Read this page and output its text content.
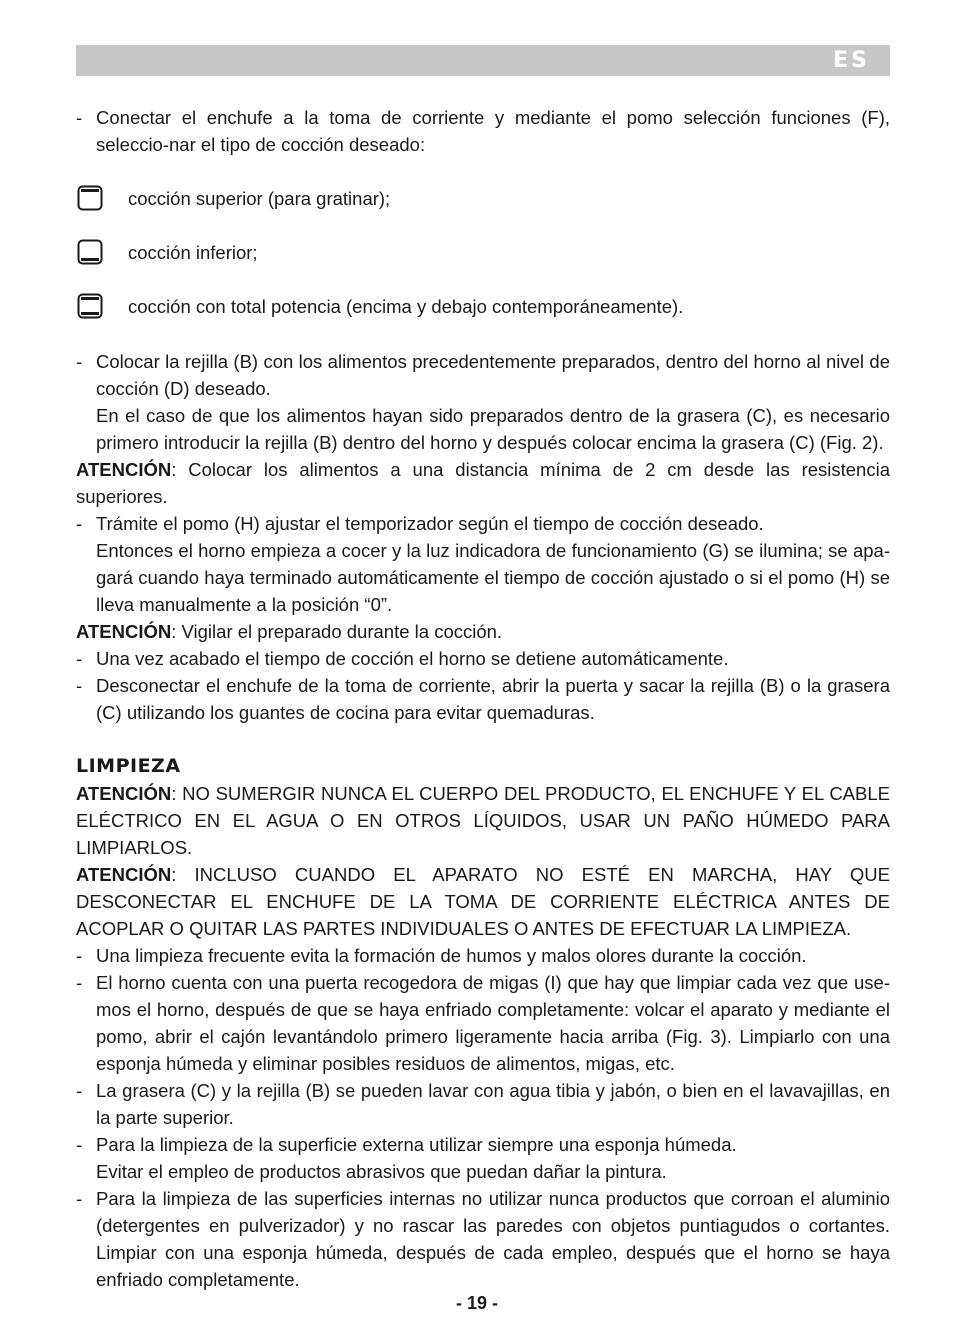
ES
- Conectar el enchufe a la toma de corriente y mediante el pomo selección funciones (F), seleccio-nar el tipo de cocción deseado:
cocción superior (para gratinar);
cocción inferior;
cocción con total potencia (encima y debajo contemporáneamente).
- Colocar la rejilla (B) con los alimentos precedentemente preparados, dentro del horno al nivel de cocción (D) deseado.

En el caso de que los alimentos hayan sido preparados dentro de la grasera (C), es necesario primero introducir la rejilla (B) dentro del horno y después colocar encima la grasera (C) (Fig. 2).

ATENCIÓN: Colocar los alimentos a una distancia mínima de 2 cm desde las resistencia superiores.

- Trámite el pomo (H) ajustar el temporizador según el tiempo de cocción deseado.

Entonces el horno empieza a cocer y la luz indicadora de funcionamiento (G) se ilumina; se apa-gará cuando haya terminado automáticamente el tiempo de cocción ajustado o si el pomo (H) se lleva manualmente a la posición “0”.

ATENCIÓN: Vigilar el preparado durante la cocción.

- Una vez acabado el tiempo de cocción el horno se detiene automáticamente.
- Desconectar el enchufe de la toma de corriente, abrir la puerta y sacar la rejilla (B) o la grasera (C) utilizando los guantes de cocina para evitar quemaduras.
LIMPIEZA

ATENCIÓN: NO SUMERGIR NUNCA EL CUERPO DEL PRODUCTO, EL ENCHUFE Y EL CABLE ELÉCTRICO EN EL AGUA O EN OTROS LÍQUIDOS, USAR UN PAÑO HÚMEDO PARA LIMPIARLOS.

ATENCIÓN: INCLUSO CUANDO EL APARATO NO ESTÉ EN MARCHA, HAY QUE DESCONECTAR EL ENCHUFE DE LA TOMA DE CORRIENTE ELÉCTRICA ANTES DE ACOPLAR O QUITAR LAS PARTES INDIVIDUALES O ANTES DE EFECTUAR LA LIMPIEZA.

- Una limpieza frecuente evita la formación de humos y malos olores durante la cocción.
- El horno cuenta con una puerta recogedora de migas (I) que hay que limpiar cada vez que use-mos el horno, después de que se haya enfriado completamente: volcar el aparato y mediante el pomo, abrir el cajón levantándolo primero ligeramente hacia arriba (Fig. 3). Limpiarlo con una esponja húmeda y eliminar posibles residuos de alimentos, migas, etc.
- La grasera (C) y la rejilla (B) se pueden lavar con agua tibia y jabón, o bien en el lavavajillas, en la parte superior.
- Para la limpieza de la superficie externa utilizar siempre una esponja húmeda.

Evitar el empleo de productos abrasivos que puedan dañar la pintura.

- Para la limpieza de las superficies internas no utilizar nunca productos que corroan el aluminio (detergentes en pulverizador) y no rascar las paredes con objetos puntiagudos o cortantes. Limpiar con una esponja húmeda, después de cada empleo, después que el horno se haya enfriado completamente.
- 19 -
